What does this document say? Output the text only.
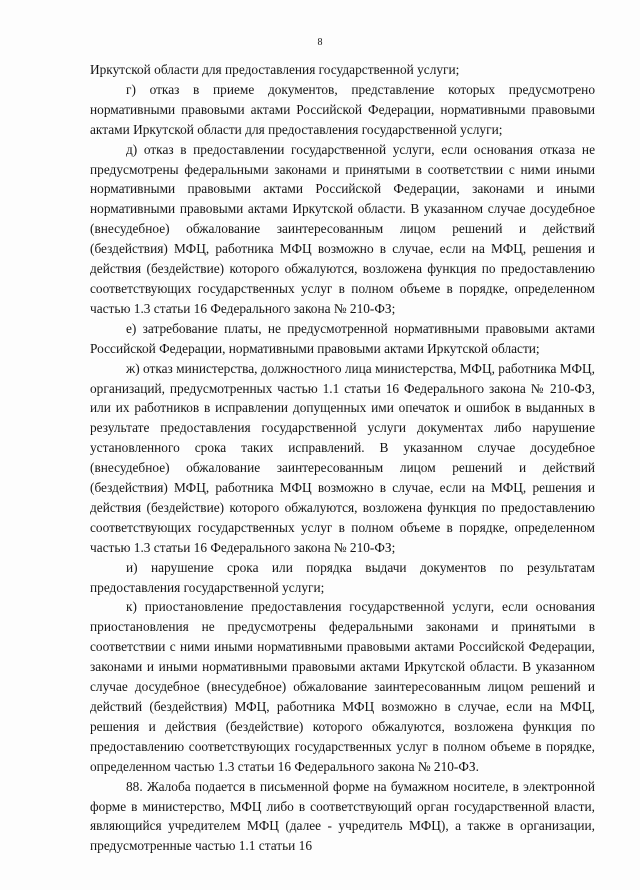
8

Иркутской области для предоставления государственной услуги;

г) отказ в приеме документов, представление которых предусмотрено нормативными правовыми актами Российской Федерации, нормативными правовыми актами Иркутской области для предоставления государственной услуги;

д) отказ в предоставлении государственной услуги, если основания отказа не предусмотрены федеральными законами и принятыми в соответствии с ними иными нормативными правовыми актами Российской Федерации, законами и иными нормативными правовыми актами Иркутской области. В указанном случае досудебное (внесудебное) обжалование заинтересованным лицом решений и действий (бездействия) МФЦ, работника МФЦ возможно в случае, если на МФЦ, решения и действия (бездействие) которого обжалуются, возложена функция по предоставлению соответствующих государственных услуг в полном объеме в порядке, определенном частью 1.3 статьи 16 Федерального закона № 210-ФЗ;

е) затребование платы, не предусмотренной нормативными правовыми актами Российской Федерации, нормативными правовыми актами Иркутской области;

ж) отказ министерства, должностного лица министерства, МФЦ, работника МФЦ, организаций, предусмотренных частью 1.1 статьи 16 Федерального закона № 210-ФЗ, или их работников в исправлении допущенных ими опечаток и ошибок в выданных в результате предоставления государственной услуги документах либо нарушение установленного срока таких исправлений. В указанном случае досудебное (внесудебное) обжалование заинтересованным лицом решений и действий (бездействия) МФЦ, работника МФЦ возможно в случае, если на МФЦ, решения и действия (бездействие) которого обжалуются, возложена функция по предоставлению соответствующих государственных услуг в полном объеме в порядке, определенном частью 1.3 статьи 16 Федерального закона № 210-ФЗ;

и) нарушение срока или порядка выдачи документов по результатам предоставления государственной услуги;

к) приостановление предоставления государственной услуги, если основания приостановления не предусмотрены федеральными законами и принятыми в соответствии с ними иными нормативными правовыми актами Российской Федерации, законами и иными нормативными правовыми актами Иркутской области. В указанном случае досудебное (внесудебное) обжалование заинтересованным лицом решений и действий (бездействия) МФЦ, работника МФЦ возможно в случае, если на МФЦ, решения и действия (бездействие) которого обжалуются, возложена функция по предоставлению соответствующих государственных услуг в полном объеме в порядке, определенном частью 1.3 статьи 16 Федерального закона № 210-ФЗ.

88. Жалоба подается в письменной форме на бумажном носителе, в электронной форме в министерство, МФЦ либо в соответствующий орган государственной власти, являющийся учредителем МФЦ (далее - учредитель МФЦ), а также в организации, предусмотренные частью 1.1 статьи 16
